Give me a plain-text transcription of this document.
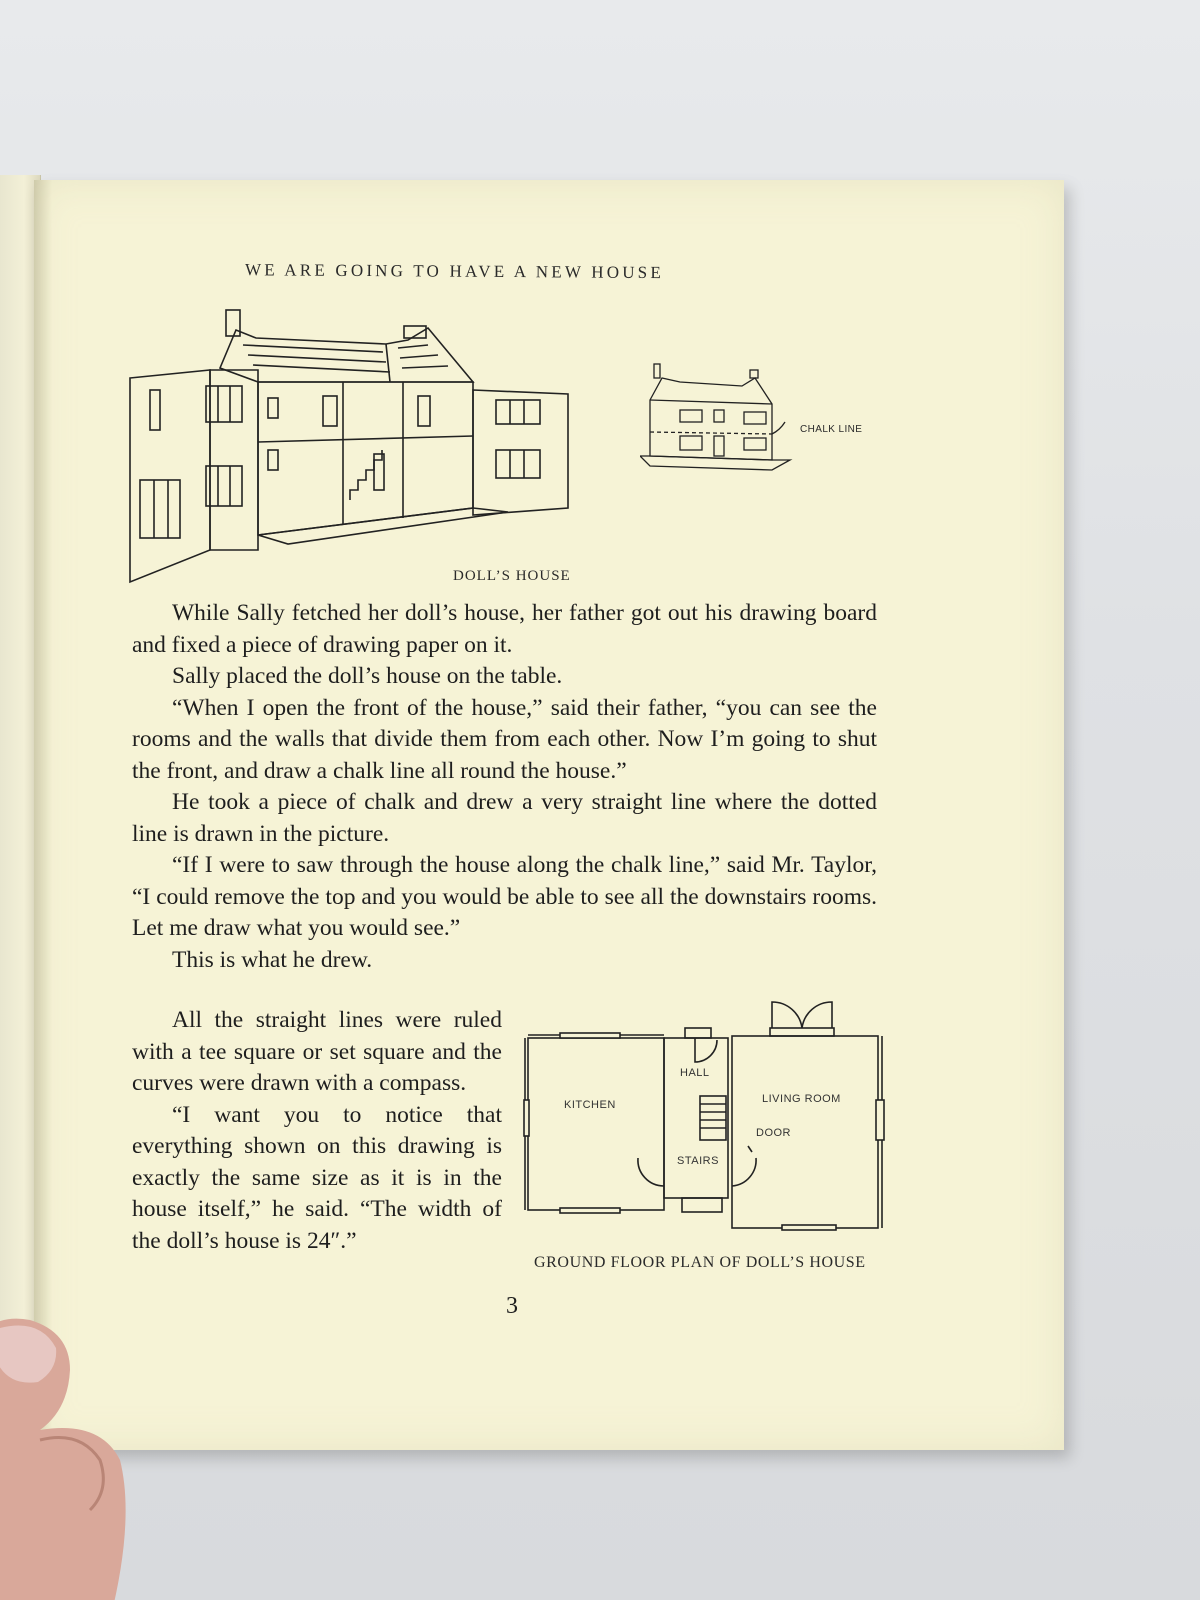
WE ARE GOING TO HAVE A NEW HOUSE
CHALK LINE
DOLL’S HOUSE

While Sally fetched her doll’s house, her father got out his drawing board and fixed a piece of drawing paper on it.

Sally placed the doll’s house on the table.

“When I open the front of the house,” said their father, “you can see the rooms and the walls that divide them from each other. Now I’m going to shut the front, and draw a chalk line all round the house.”

He took a piece of chalk and drew a very straight line where the dotted line is drawn in the picture.

“If I were to saw through the house along the chalk line,” said Mr. Taylor, “I could remove the top and you would be able to see all the downstairs rooms. Let me draw what you would see.”

This is what he drew.

All the straight lines were ruled with a tee square or set square and the curves were drawn with a compass.

“I want you to notice that everything shown on this drawing is exactly the same size as it is in the house itself,” he said. “The width of the doll’s house is 24″.”

KITCHEN
HALL
LIVING ROOM
DOOR
STAIRS
GROUND FLOOR PLAN OF DOLL’S HOUSE
3
